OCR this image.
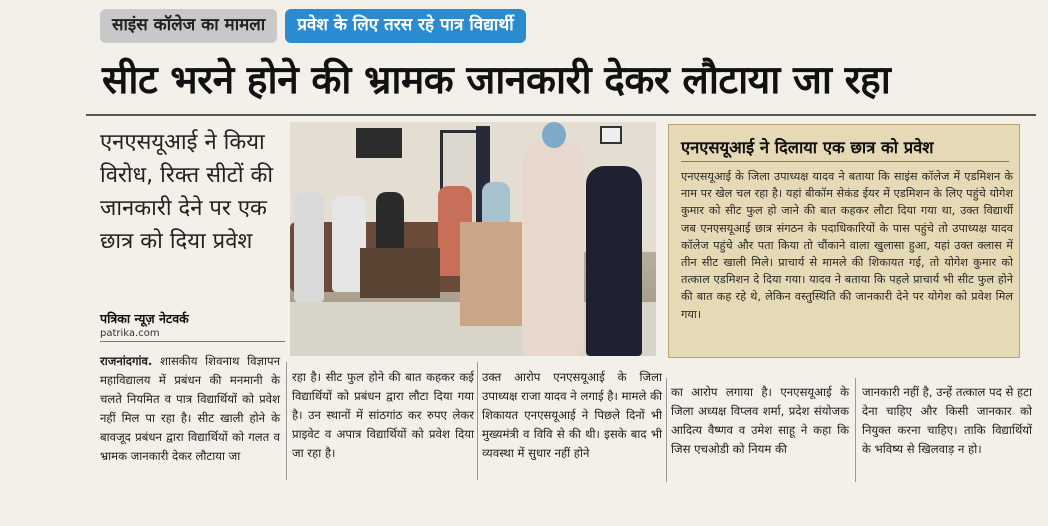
साइंस कॉलेज का मामला	प्रवेश के लिए तरस रहे पात्र विद्यार्थी
सीट भरने होने की भ्रामक जानकारी देकर लौटाया जा रहा
एनएसयूआई ने किया विरोध, रिक्त सीटों की जानकारी देने पर एक छात्र को दिया प्रवेश
पत्रिका न्यूज़ नेटवर्क
patrika.com
एनएसयूआई ने दिलाया एक छात्र को प्रवेश
एनएसयूआई के जिला उपाध्यक्ष यादव ने बताया कि साइंस कॉलेज में एडमिशन के नाम पर खेल चल रहा है। यहां बीकॉम सेकंड ईयर में एडमिशन के लिए पहुंचे योगेश कुमार को सीट फुल हो जाने की बात कहकर लौटा दिया गया था, उक्त विद्यार्थी जब एनएसयूआई छात्र संगठन के पदाधिकारियों के पास पहुंचे तो उपाध्यक्ष यादव कॉलेज पहुंचे और पता किया तो चौंकाने वाला खुलासा हुआ, यहां उक्त क्लास में तीन सीट खाली मिले। प्राचार्य से मामले की शिकायत गई, तो योगेश कुमार को तत्काल एडमिशन दे दिया गया। यादव ने बताया कि पहले प्राचार्य भी सीट फुल होने की बात कह रहे थे, लेकिन वस्तुस्थिति की जानकारी देने पर योगेश को प्रवेश मिल गया।
राजनांदगांव. शासकीय शिवनाथ विज्ञापन महाविद्यालय में प्रबंधन की मनमानी के चलते नियमित व पात्र विद्यार्थियों को प्रवेश नहीं मिल पा रहा है। सीट खाली होने के बावजूद प्रबंधन द्वारा विद्यार्थियों को गलत व भ्रामक जानकारी देकर लौटाया जा
रहा है। सीट फुल होने की बात कहकर कई विद्यार्थियों को प्रबंधन द्वारा लौटा दिया गया है। उन स्थानों में सांठगांठ कर रुपए लेकर प्राइवेट व अपात्र विद्यार्थियों को प्रवेश दिया जा रहा है।
उक्त आरोप एनएसयूआई के जिला उपाध्यक्ष राजा यादव ने लगाई है। मामले की शिकायत एनएसयूआई ने पिछले दिनों भी मुख्यमंत्री व विवि से की थी। इसके बाद भी व्यवस्था में सुधार नहीं होने
का आरोप लगाया है। एनएसयूआई के जिला अध्यक्ष विप्लव शर्मा, प्रदेश संयोजक आदित्य वैष्णव व उमेश साहू ने कहा कि जिस एचओडी को नियम की
जानकारी नहीं है, उन्हें तत्काल पद से हटा देना चाहिए और किसी जानकार को नियुक्त करना चाहिए। ताकि विद्यार्थियों के भविष्य से खिलवाड़ न हो।
